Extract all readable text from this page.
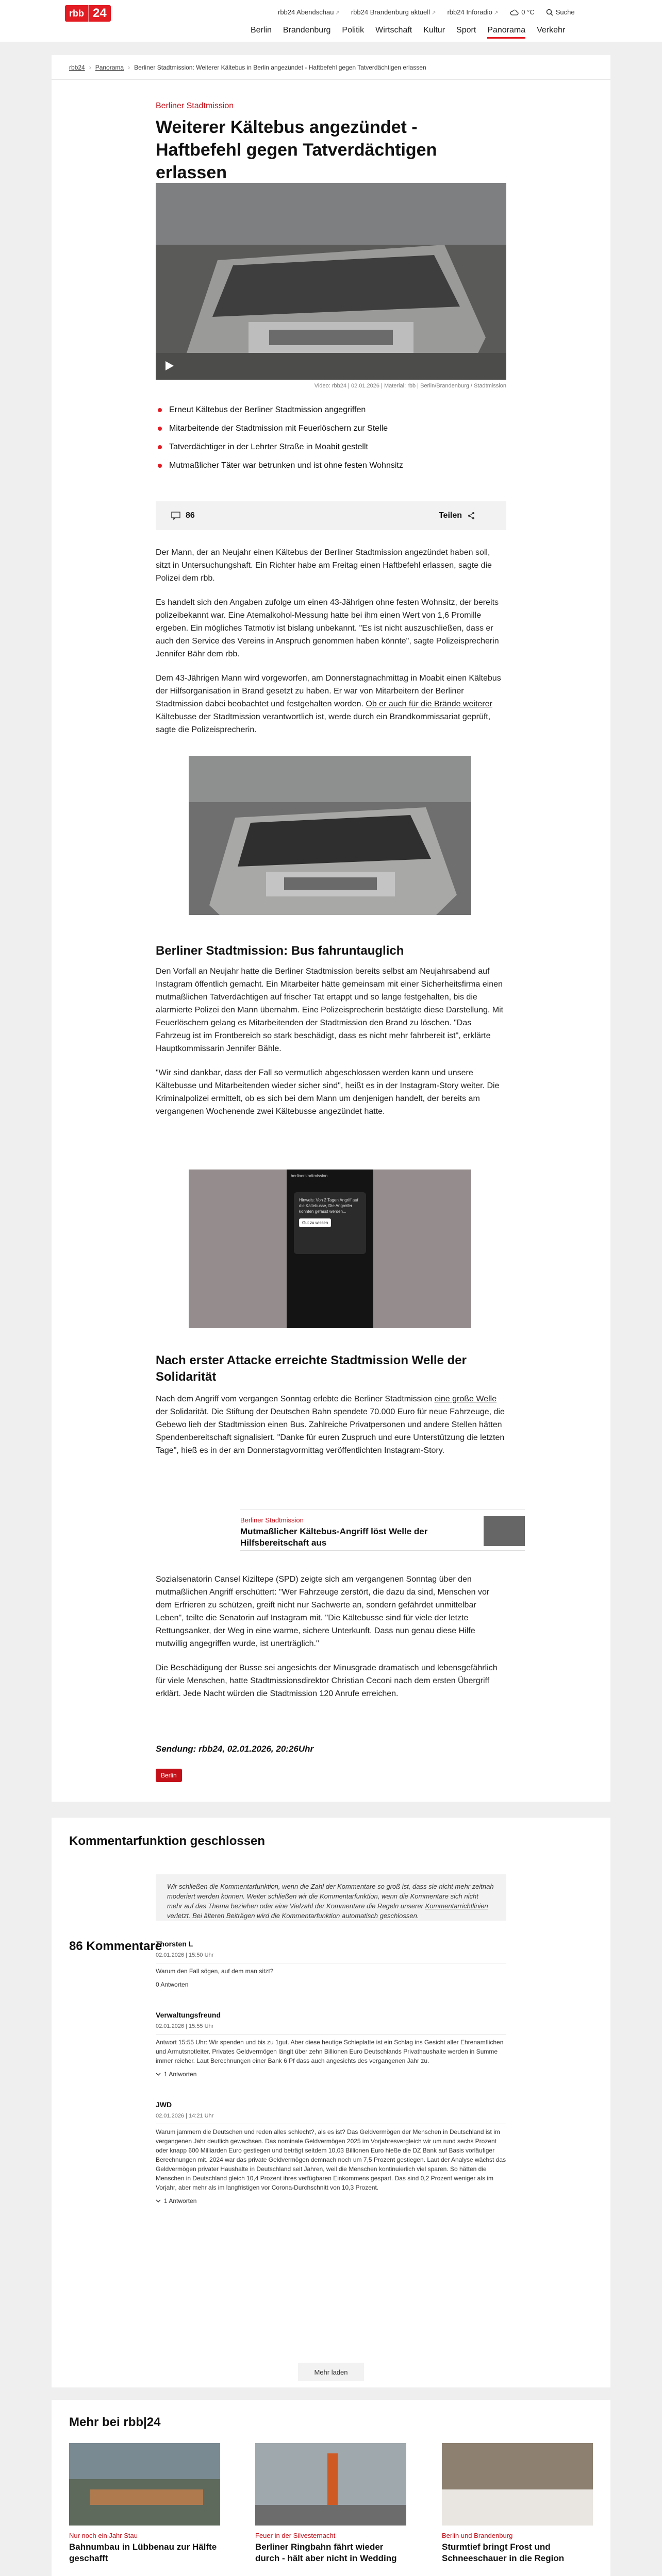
rbb 24	rbb24 Abendschau ↗ rbb24 Brandenburg aktuell ↗ rbb24 Inforadio ↗	0 °C	Suche
Berlin Brandenburg Politik Wirtschaft Kultur Sport Panorama Verkehr
rbb24 › Panorama › Berliner Stadtmission: Weiterer Kältebus in Berlin angezündet - Haftbefehl gegen Tatverdächtigen erlassen
Berliner Stadtmission
Weiterer Kältebus angezündet - Haftbefehl gegen Tatverdächtigen erlassen
Video: rbb24 | 02.01.2026 | Material: rbb | Berlin/Brandenburg / Stadtmission
Erneut Kältebus der Berliner Stadtmission angegriffen
Mitarbeitende der Stadtmission mit Feuerlöschern zur Stelle
Tatverdächtiger in der Lehrter Straße in Moabit gestellt
Mutmaßlicher Täter war betrunken und ist ohne festen Wohnsitz
86	Teilen

Der Mann, der an Neujahr einen Kältebus der Berliner Stadtmission angezündet haben soll, sitzt in Untersuchungshaft. Ein Richter habe am Freitag einen Haftbefehl erlassen, sagte die Polizei dem rbb.

Es handelt sich den Angaben zufolge um einen 43-Jährigen ohne festen Wohnsitz, der bereits polizeibekannt war. Eine Atemalkohol-Messung hatte bei ihm einen Wert von 1,6 Promille ergeben. Ein mögliches Tatmotiv ist bislang unbekannt. "Es ist nicht auszuschließen, dass er auch den Service des Vereins in Anspruch genommen haben könnte", sagte Polizeisprecherin Jennifer Bähr dem rbb.

Dem 43-Jährigen Mann wird vorgeworfen, am Donnerstagnachmittag in Moabit einen Kältebus der Hilfsorganisation in Brand gesetzt zu haben. Er war von Mitarbeitern der Berliner Stadtmission dabei beobachtet und festgehalten worden. Ob er auch für die Brände weiterer Kältebusse der Stadtmission verantwortlich ist, werde durch ein Brandkommissariat geprüft, sagte die Polizeisprecherin.

Berliner Stadtmission: Bus fahruntauglich

Den Vorfall an Neujahr hatte die Berliner Stadtmission bereits selbst am Neujahrsabend auf Instagram öffentlich gemacht. Ein Mitarbeiter hätte gemeinsam mit einer Sicherheitsfirma einen mutmaßlichen Tatverdächtigen auf frischer Tat ertappt und so lange festgehalten, bis die alarmierte Polizei den Mann übernahm. Eine Polizeisprecherin bestätigte diese Darstellung. Mit Feuerlöschern gelang es Mitarbeitenden der Stadtmission den Brand zu löschen. "Das Fahrzeug ist im Frontbereich so stark beschädigt, dass es nicht mehr fahrbereit ist", erklärte Hauptkommissarin Jennifer Bähle.

"Wir sind dankbar, dass der Fall so vermutlich abgeschlossen werden kann und unsere Kältebusse und Mitarbeitenden wieder sicher sind", heißt es in der Instagram-Story weiter. Die Kriminalpolizei ermittelt, ob es sich bei dem Mann um denjenigen handelt, der bereits am vergangenen Wochenende zwei Kältebusse angezündet hatte.

berlinerstadtmission
Hinweis: Von 2 Tagen Angriff auf die Kältebusse, Die Angreifer konnten gefasst werden... Gut zu wissen
Nach erster Attacke erreichte Stadtmission Welle der Solidarität

Nach dem Angriff vom vergangen Sonntag erlebte die Berliner Stadtmission eine große Welle der Solidarität. Die Stiftung der Deutschen Bahn spendete 70.000 Euro für neue Fahrzeuge, die Gebewo lieh der Stadtmission einen Bus. Zahlreiche Privatpersonen und andere Stellen hätten Spendenbereitschaft signalisiert. "Danke für euren Zuspruch und eure Unterstützung die letzten Tage", hieß es in der am Donnerstagvormittag veröffentlichten Instagram-Story.

Berliner Stadtmission
Mutmaßlicher Kältebus-Angriff löst Welle der Hilfsbereitschaft aus

Sozialsenatorin Cansel Kiziltepe (SPD) zeigte sich am vergangenen Sonntag über den mutmaßlichen Angriff erschüttert: "Wer Fahrzeuge zerstört, die dazu da sind, Menschen vor dem Erfrieren zu schützen, greift nicht nur Sachwerte an, sondern gefährdet unmittelbar Leben", teilte die Senatorin auf Instagram mit. "Die Kältebusse sind für viele der letzte Rettungsanker, der Weg in eine warme, sichere Unterkunft. Dass nun genau diese Hilfe mutwillig angegriffen wurde, ist unerträglich."

Die Beschädigung der Busse sei angesichts der Minusgrade dramatisch und lebensgefährlich für viele Menschen, hatte Stadtmissionsdirektor Christian Ceconi nach dem ersten Übergriff erklärt. Jede Nacht würden die Stadtmission 120 Anrufe erreichen.

Sendung: rbb24, 02.01.2026, 20:26Uhr
Berlin
Kommentarfunktion geschlossen
Wir schließen die Kommentarfunktion, wenn die Zahl der Kommentare so groß ist, dass sie nicht mehr zeitnah moderiert werden können. Weiter schließen wir die Kommentarfunktion, wenn die Kommentare sich nicht mehr auf das Thema beziehen oder eine Vielzahl der Kommentare die Regeln unserer Kommentarrichtlinien verletzt. Bei älteren Beiträgen wird die Kommentarfunktion automatisch geschlossen.
86 Kommentare
Thorsten L
02.01.2026 | 15:50 Uhr
Warum den Fall sögen, auf dem man sitzt?
0 Antworten
Verwaltungsfreund
02.01.2026 | 15:55 Uhr
Antwort 15:55 Uhr: Wir spenden und bis zu 1gut. Aber diese heutige Schieplatte ist ein Schlag ins Gesicht aller Ehrenamtlichen und Armutsnotleiter. Privates Geldvermögen länglt über zehn Billionen Euro Deutschlands Privathaushalte werden in Summe immer reicher. Laut Berechnungen einer Bank 6 Pf dass auch angesichts des vergangenen Jahr zu.
1 Antworten
JWD
02.01.2026 | 14:21 Uhr
Warum jammern die Deutschen und reden alles schlecht?, als es ist? Das Geldvermögen der Menschen in Deutschland ist im vergangenen Jahr deutlich gewachsen. Das nominale Geldvermögen 2025 im Vorjahresvergleich wir um rund sechs Prozent oder knapp 600 Milliarden Euro gestiegen und beträgt seitdem 10,03 Billionen Euro hieße die DZ Bank auf Basis vorläufiger Berechnungen mit. 2024 war das private Geldvermögen demnach noch um 7,5 Prozent gestiegen. Laut der Analyse wächst das Geldvermögen privater Haushalte in Deutschland seit Jahren, weil die Menschen kontinuierlich viel sparen. So hätten die Menschen in Deutschland gleich 10,4 Prozent ihres verfügbaren Einkommens gespart. Das sind 0,2 Prozent weniger als im Vorjahr, aber mehr als im langfristigen vor Corona-Durchschnitt von 10,3 Prozent.
1 Antworten
Mehr laden
Mehr bei rbb|24
Nur noch ein Jahr Stau
Bahnumbau in Lübbenau zur Hälfte geschafft
Feuer in der Silvesternacht
Berliner Ringbahn fährt wieder durch - hält aber nicht in Wedding
Berlin und Brandenburg
Sturmtief bringt Frost und Schneeschauer in die Region
